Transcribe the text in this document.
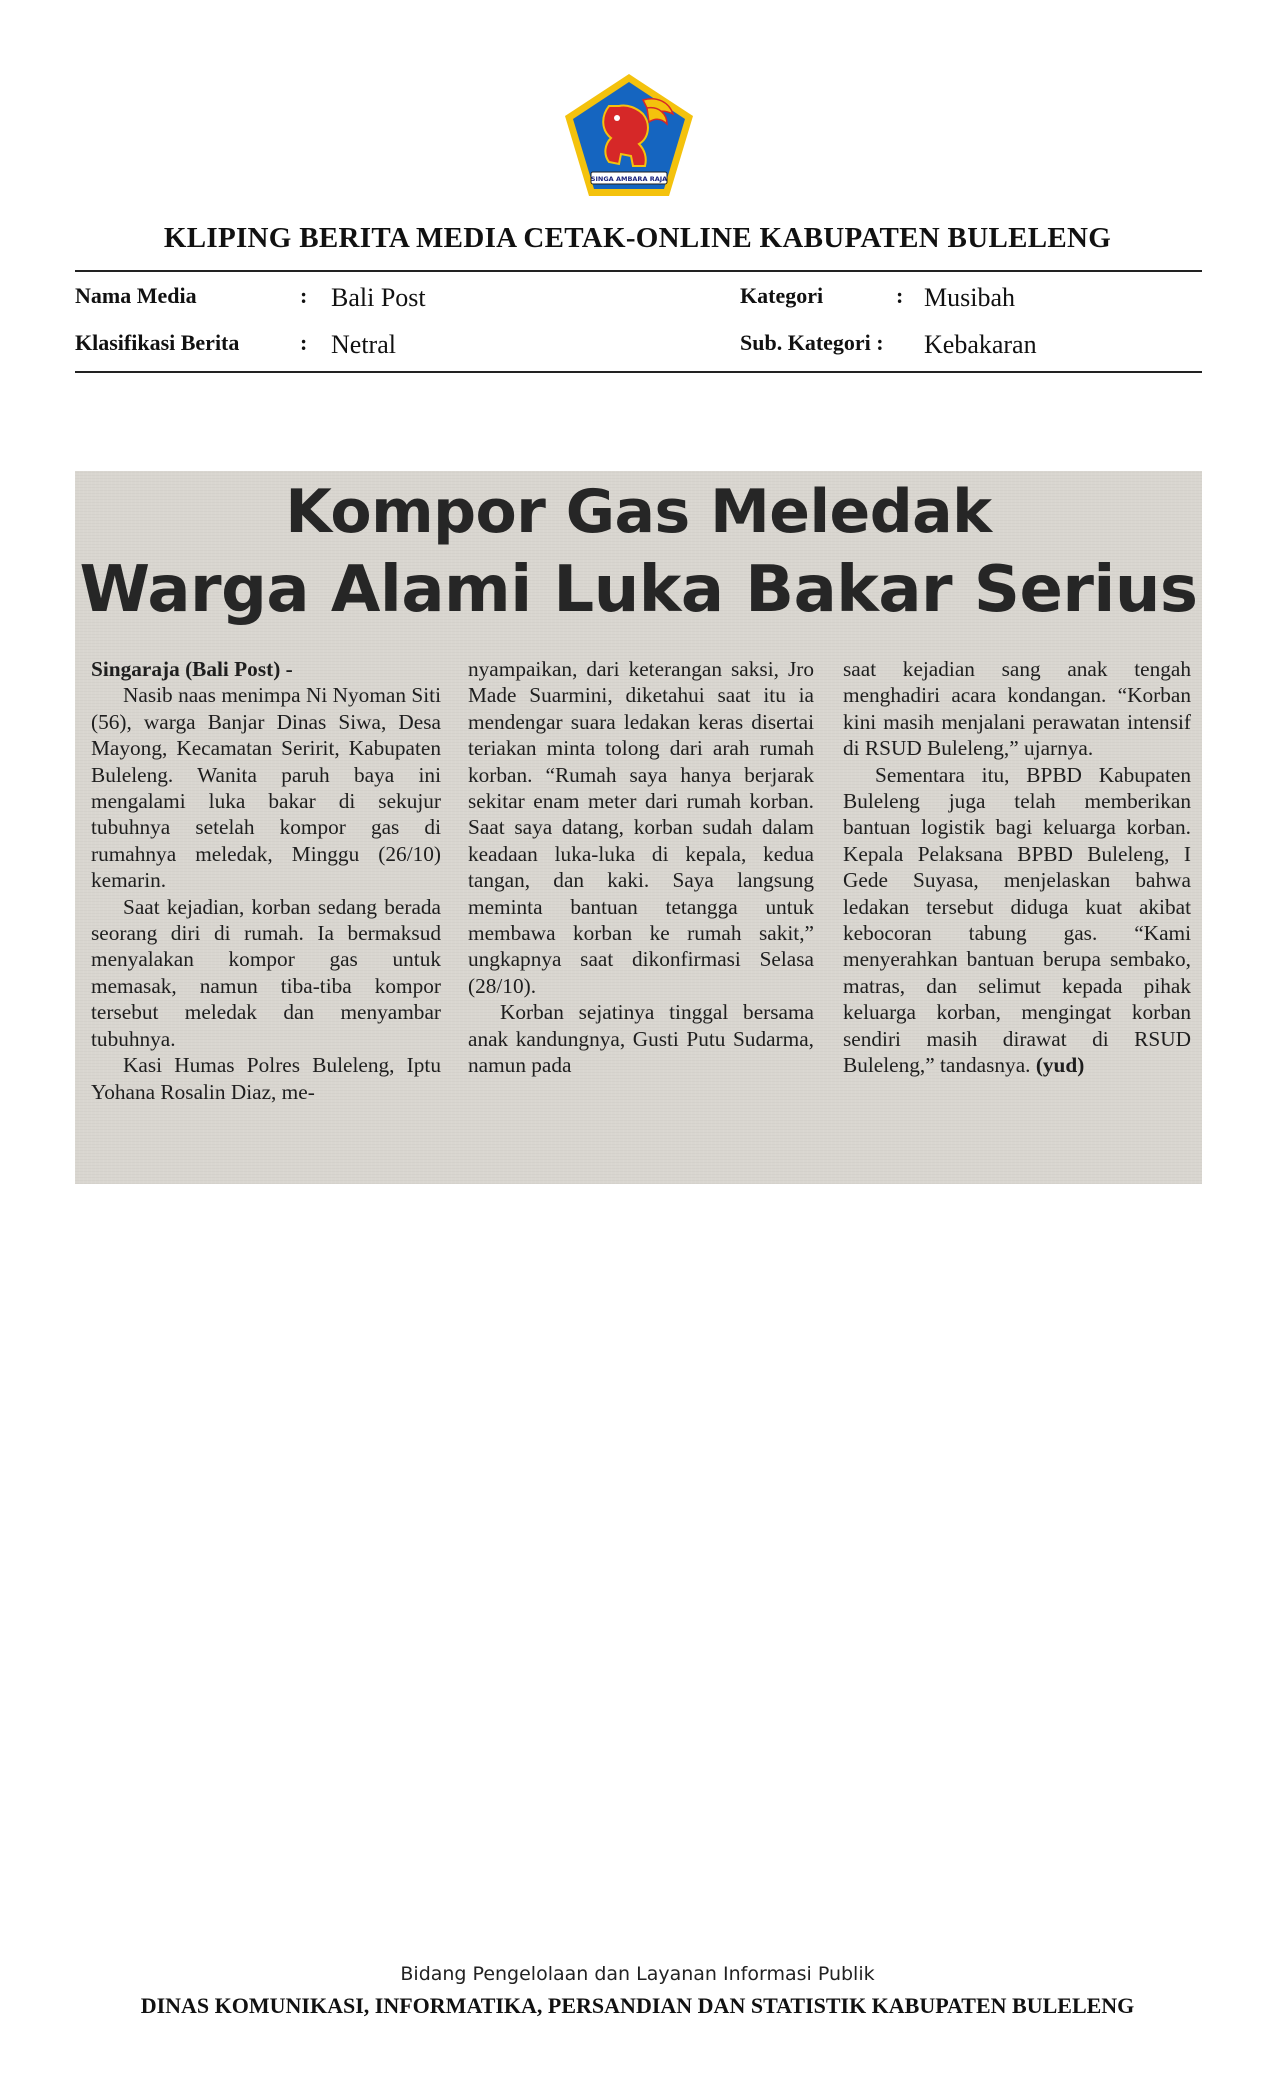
SINGA AMBARA RAJA
KLIPING BERITA MEDIA CETAK-ONLINE KABUPATEN BULELENG
Nama Media	: Bali Post
Klasifikasi Berita	: Netral
Kategori	: Musibah
Sub. Kategori : Kebakaran
Kompor Gas Meledak
Warga Alami Luka Bakar Serius

Singaraja (Bali Post) -

Nasib naas menimpa Ni Nyoman Siti (56), warga Banjar Dinas Siwa, Desa Mayong, Kecamatan Seririt, Kabupaten Buleleng. Wanita paruh baya ini mengalami luka bakar di sekujur tubuhnya setelah kompor gas di rumahnya meledak, Minggu (26/10) kemarin.

Saat kejadian, korban sedang berada seorang diri di rumah. Ia bermaksud menyalakan kompor gas untuk memasak, namun tiba-tiba kompor tersebut meledak dan menyambar tubuhnya.

Kasi Humas Polres Buleleng, Iptu Yohana Rosalin Diaz, me-

nyampaikan, dari keterangan saksi, Jro Made Suarmini, diketahui saat itu ia mendengar suara ledakan keras disertai teriakan minta tolong dari arah rumah korban. “Rumah saya hanya berjarak sekitar enam meter dari rumah korban. Saat saya datang, korban sudah dalam keadaan luka-luka di kepala, kedua tangan, dan kaki. Saya langsung meminta bantuan tetangga untuk membawa korban ke rumah sakit,” ungkapnya saat dikonfirmasi Selasa (28/10).

Korban sejatinya tinggal bersama anak kandungnya, Gusti Putu Sudarma, namun pada

saat kejadian sang anak tengah menghadiri acara kondangan. “Korban kini masih menjalani perawatan intensif di RSUD Buleleng,” ujarnya.

Sementara itu, BPBD Kabupaten Buleleng juga telah memberikan bantuan logistik bagi keluarga korban. Kepala Pelaksana BPBD Buleleng, I Gede Suyasa, menjelaskan bahwa ledakan tersebut diduga kuat akibat kebocoran tabung gas. “Kami menyerahkan bantuan berupa sembako, matras, dan selimut kepada pihak keluarga korban, mengingat korban sendiri masih dirawat di RSUD Buleleng,” tandasnya. (yud)

Bidang Pengelolaan dan Layanan Informasi Publik
DINAS KOMUNIKASI, INFORMATIKA, PERSANDIAN DAN STATISTIK KABUPATEN BULELENG
